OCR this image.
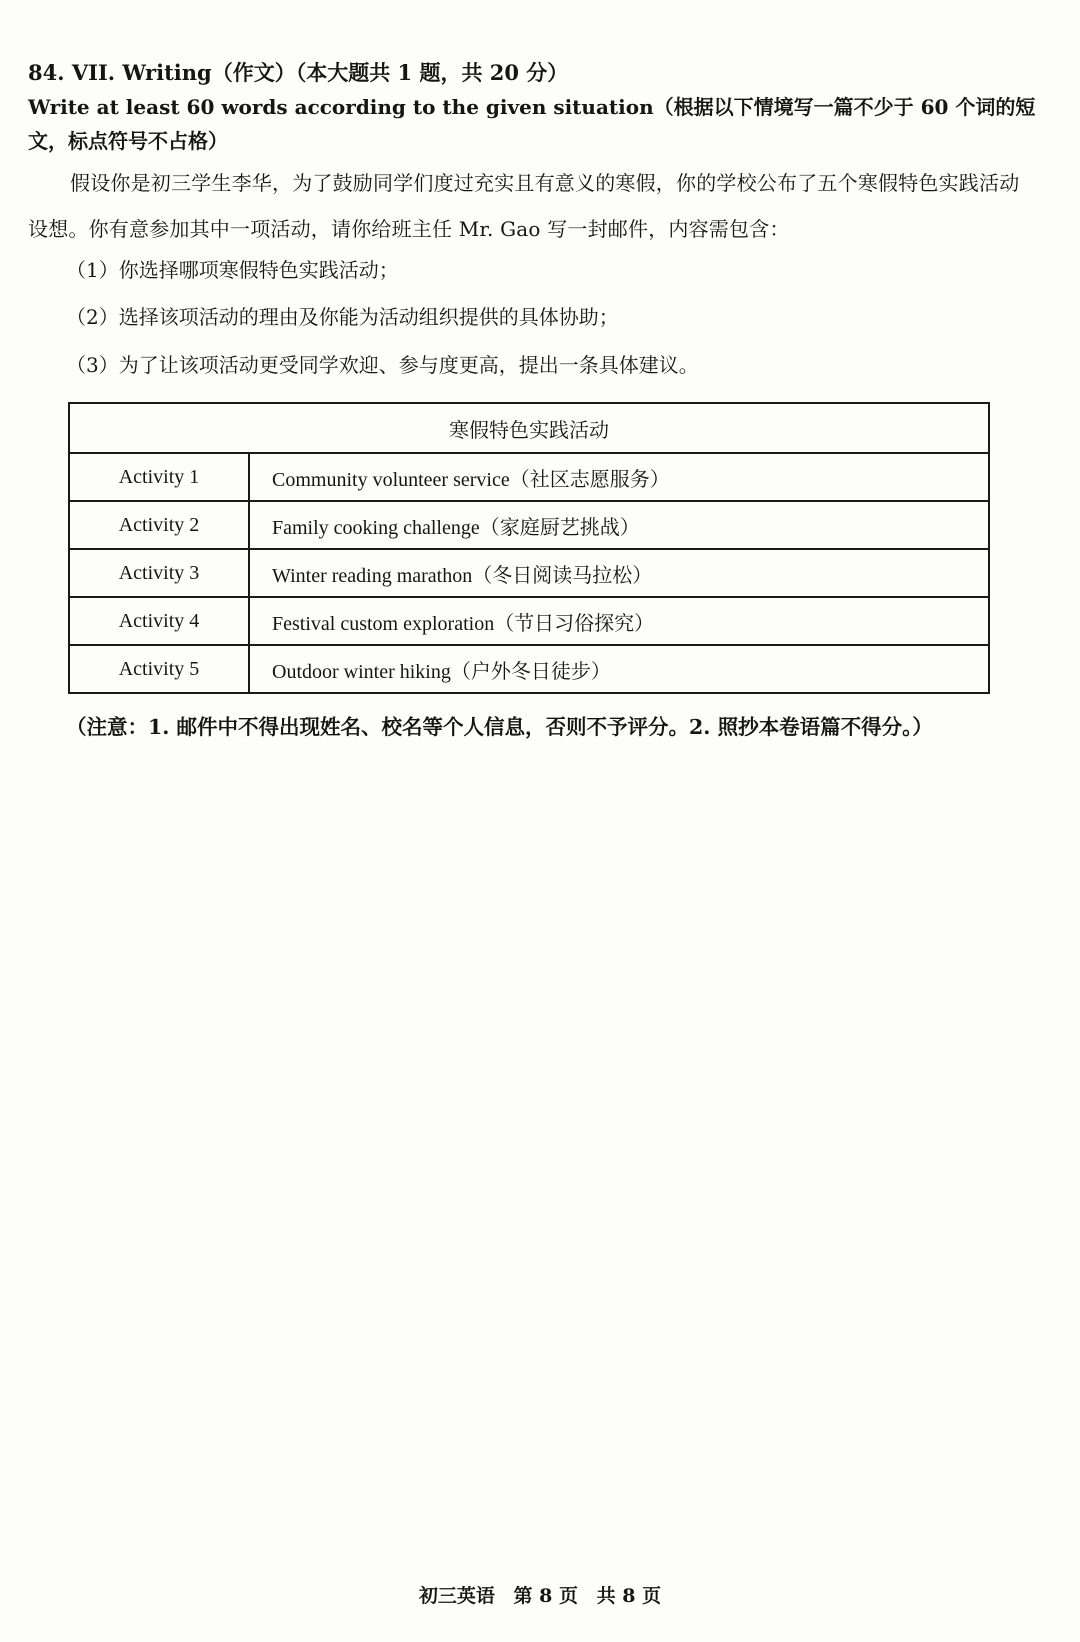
84. VII. Writing（作文）（本大题共 1 题，共 20 分）
Write at least 60 words according to the given situation（根据以下情境写一篇不少于 60 个词的短文，标点符号不占格）
假设你是初三学生李华，为了鼓励同学们度过充实且有意义的寒假，你的学校公布了五个寒假特色实践活动设想。你有意参加其中一项活动，请你给班主任 Mr. Gao 写一封邮件，内容需包含：
（1）你选择哪项寒假特色实践活动；
（2）选择该项活动的理由及你能为活动组织提供的具体协助；
（3）为了让该项活动更受同学欢迎、参与度更高，提出一条具体建议。
寒假特色实践活动	
Activity 1	Community volunteer service（社区志愿服务）
Activity 2	Family cooking challenge（家庭厨艺挑战）
Activity 3	Winter reading marathon（冬日阅读马拉松）
Activity 4	Festival custom exploration（节日习俗探究）
Activity 5	Outdoor winter hiking（户外冬日徒步）
（注意：1. 邮件中不得出现姓名、校名等个人信息，否则不予评分。2. 照抄本卷语篇不得分。）
初三英语 第 8 页 共 8 页
